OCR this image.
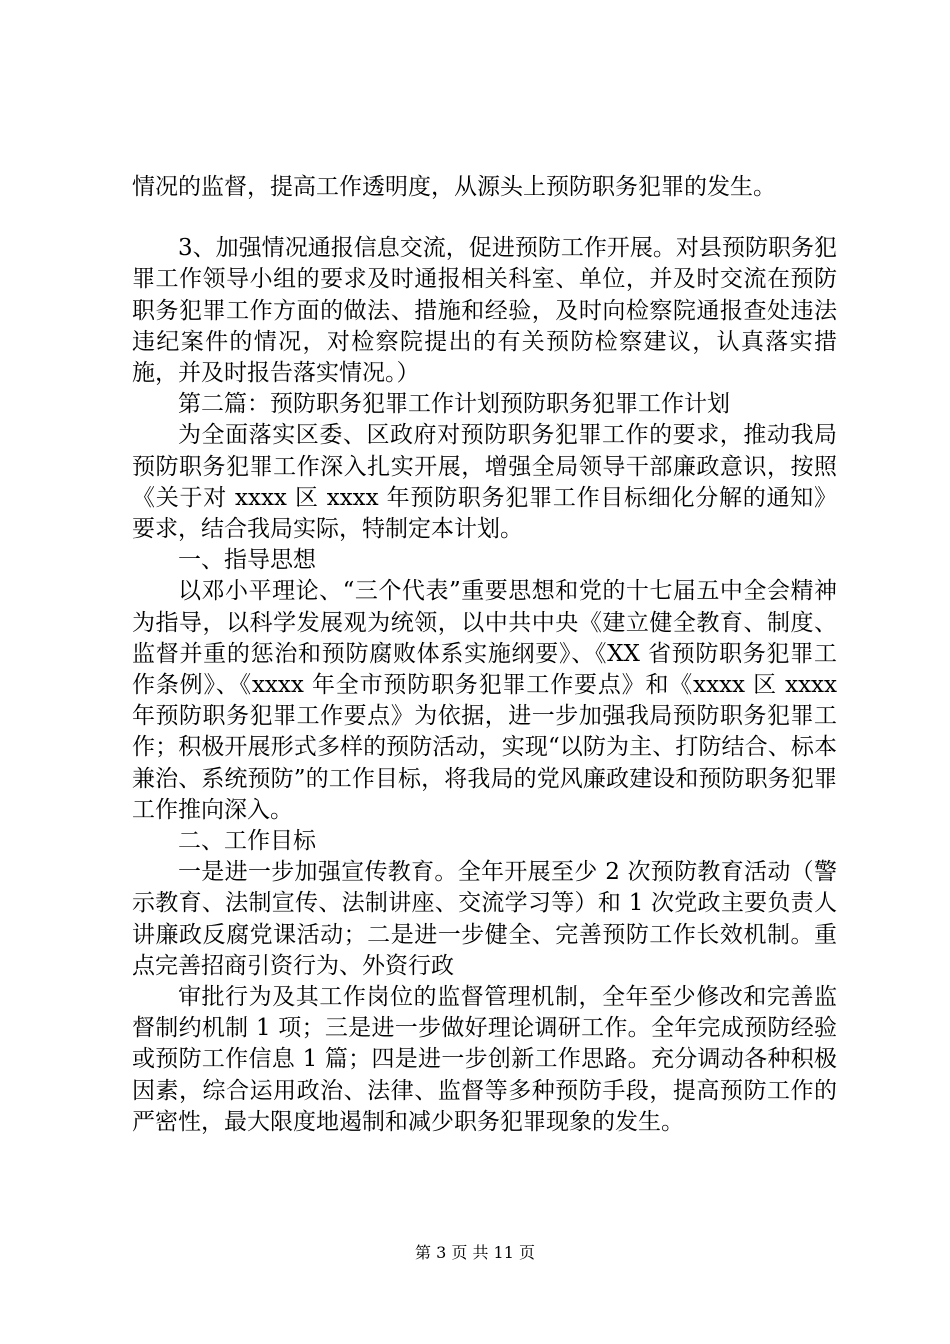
情况的监督，提高工作透明度，从源头上预防职务犯罪的发生。

3、加强情况通报信息交流，促进预防工作开展。对县预防职务犯罪工作领导小组的要求及时通报相关科室、单位，并及时交流在预防职务犯罪工作方面的做法、措施和经验，及时向检察院通报查处违法违纪案件的情况，对检察院提出的有关预防检察建议，认真落实措施，并及时报告落实情况。）

第二篇：预防职务犯罪工作计划预防职务犯罪工作计划

为全面落实区委、区政府对预防职务犯罪工作的要求，推动我局预防职务犯罪工作深入扎实开展，增强全局领导干部廉政意识，按照《关于对 xxxx 区 xxxx 年预防职务犯罪工作目标细化分解的通知》要求，结合我局实际，特制定本计划。

一、指导思想

以邓小平理论、“三个代表”重要思想和党的十七届五中全会精神为指导，以科学发展观为统领，以中共中央《建立健全教育、制度、监督并重的惩治和预防腐败体系实施纲要》、《XX 省预防职务犯罪工作条例》、《xxxx 年全市预防职务犯罪工作要点》和《xxxx 区 xxxx 年预防职务犯罪工作要点》为依据，进一步加强我局预防职务犯罪工作；积极开展形式多样的预防活动，实现“以防为主、打防结合、标本兼治、系统预防”的工作目标，将我局的党风廉政建设和预防职务犯罪工作推向深入。

二、工作目标

一是进一步加强宣传教育。全年开展至少 2 次预防教育活动（警示教育、法制宣传、法制讲座、交流学习等）和 1 次党政主要负责人讲廉政反腐党课活动；二是进一步健全、完善预防工作长效机制。重点完善招商引资行为、外资行政

审批行为及其工作岗位的监督管理机制，全年至少修改和完善监督制约机制 1 项；三是进一步做好理论调研工作。全年完成预防经验或预防工作信息 1 篇；四是进一步创新工作思路。充分调动各种积极因素，综合运用政治、法律、监督等多种预防手段，提高预防工作的严密性，最大限度地遏制和减少职务犯罪现象的发生。

第 3 页 共 11 页
